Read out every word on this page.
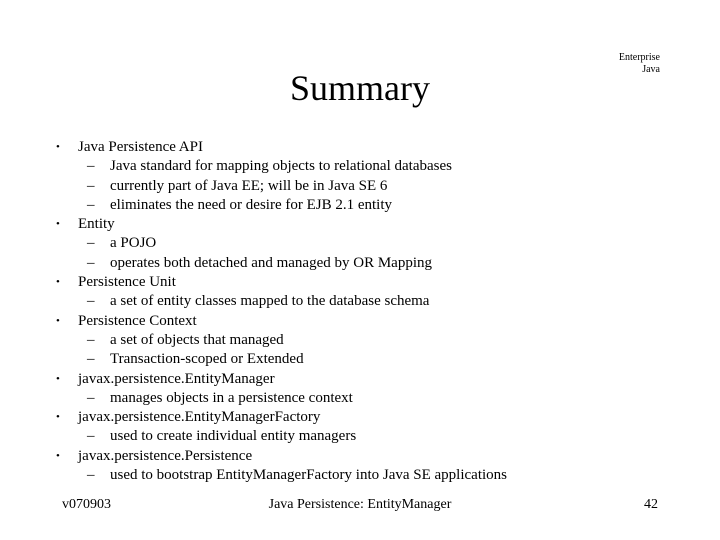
Enterprise
Java
Summary
•	Java Persistence API
– Java standard for mapping objects to relational databases
– currently part of Java EE; will be in Java SE 6
– eliminates the need or desire for EJB 2.1 entity
•	Entity
– a POJO
– operates both detached and managed by OR Mapping
•	Persistence Unit
– a set of entity classes mapped to the database schema
•	Persistence Context
– a set of objects that managed
– Transaction-scoped or Extended
•	javax.persistence.EntityManager
– manages objects in a persistence context
•	javax.persistence.EntityManagerFactory
– used to create individual entity managers
•	javax.persistence.Persistence
– used to bootstrap EntityManagerFactory into Java SE applications
v070903	Java Persistence: EntityManager	42
